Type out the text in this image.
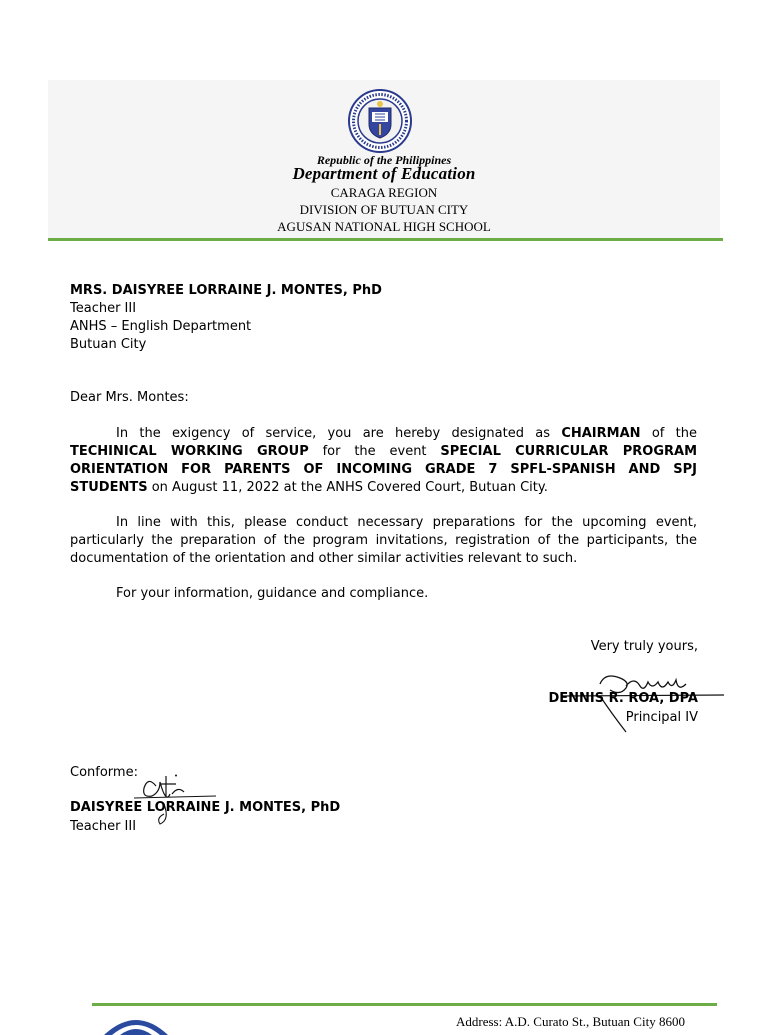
Republic of the Philippines
Department of Education
CARAGA REGION
DIVISION OF BUTUAN CITY
AGUSAN NATIONAL HIGH SCHOOL
MRS. DAISYREE LORRAINE J. MONTES, PhD
Teacher III
ANHS – English Department
Butuan City
Dear Mrs. Montes:

In the exigency of service, you are hereby designated as CHAIRMAN of the TECHINICAL WORKING GROUP for the event SPECIAL CURRICULAR PROGRAM ORIENTATION FOR PARENTS OF INCOMING GRADE 7 SPFL-SPANISH AND SPJ STUDENTS on August 11, 2022 at the ANHS Covered Court, Butuan City.

In line with this, please conduct necessary preparations for the upcoming event, particularly the preparation of the program invitations, registration of the participants, the documentation of the orientation and other similar activities relevant to such.

For your information, guidance and compliance.

Very truly yours,
DENNIS R. ROA, DPA
Principal IV
Conforme:
DAISYREE LORRAINE J. MONTES, PhD
Teacher III
Address: A.D. Curato St., Butuan City 8600
